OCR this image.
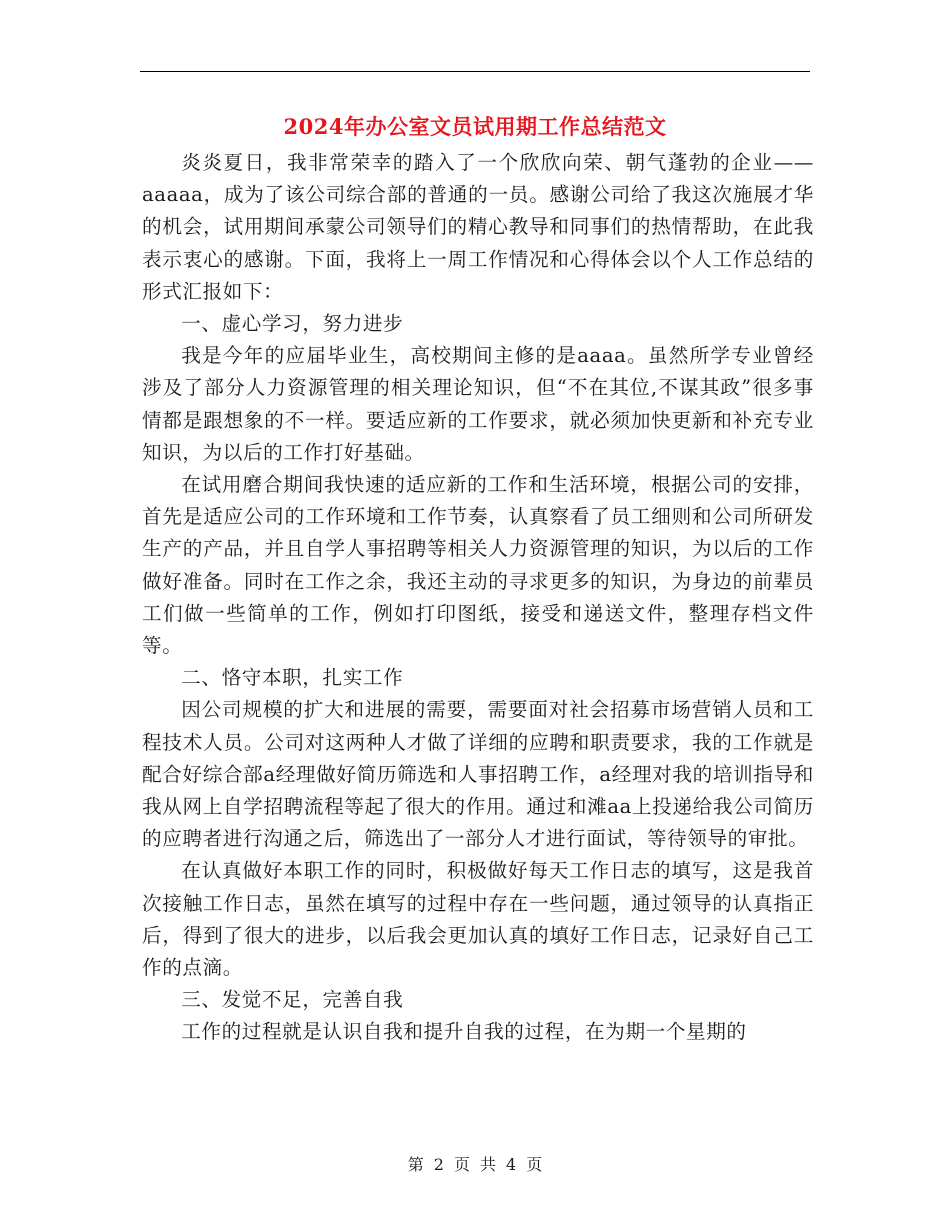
2024年办公室文员试用期工作总结范文

炎炎夏日，我非常荣幸的踏入了一个欣欣向荣、朝气蓬勃的企业——aaaaa，成为了该公司综合部的普通的一员。感谢公司给了我这次施展才华的机会，试用期间承蒙公司领导们的精心教导和同事们的热情帮助，在此我表示衷心的感谢。下面，我将上一周工作情况和心得体会以个人工作总结的形式汇报如下：

一、虚心学习，努力进步

我是今年的应届毕业生，高校期间主修的是aaaa。虽然所学专业曾经涉及了部分人力资源管理的相关理论知识，但“不在其位,不谋其政”很多事情都是跟想象的不一样。要适应新的工作要求，就必须加快更新和补充专业知识，为以后的工作打好基础。

在试用磨合期间我快速的适应新的工作和生活环境，根据公司的安排，首先是适应公司的工作环境和工作节奏，认真察看了员工细则和公司所研发生产的产品，并且自学人事招聘等相关人力资源管理的知识，为以后的工作做好准备。同时在工作之余，我还主动的寻求更多的知识，为身边的前辈员工们做一些简单的工作，例如打印图纸，接受和递送文件，整理存档文件等。

二、恪守本职，扎实工作

因公司规模的扩大和进展的需要，需要面对社会招募市场营销人员和工程技术人员。公司对这两种人才做了详细的应聘和职责要求，我的工作就是配合好综合部a经理做好简历筛选和人事招聘工作，a经理对我的培训指导和我从网上自学招聘流程等起了很大的作用。通过和滩aa上投递给我公司简历的应聘者进行沟通之后，筛选出了一部分人才进行面试，等待领导的审批。

在认真做好本职工作的同时，积极做好每天工作日志的填写，这是我首次接触工作日志，虽然在填写的过程中存在一些问题，通过领导的认真指正后，得到了很大的进步，以后我会更加认真的填好工作日志，记录好自己工作的点滴。

三、发觉不足，完善自我

工作的过程就是认识自我和提升自我的过程，在为期一个星期的

第 2 页 共 4 页
